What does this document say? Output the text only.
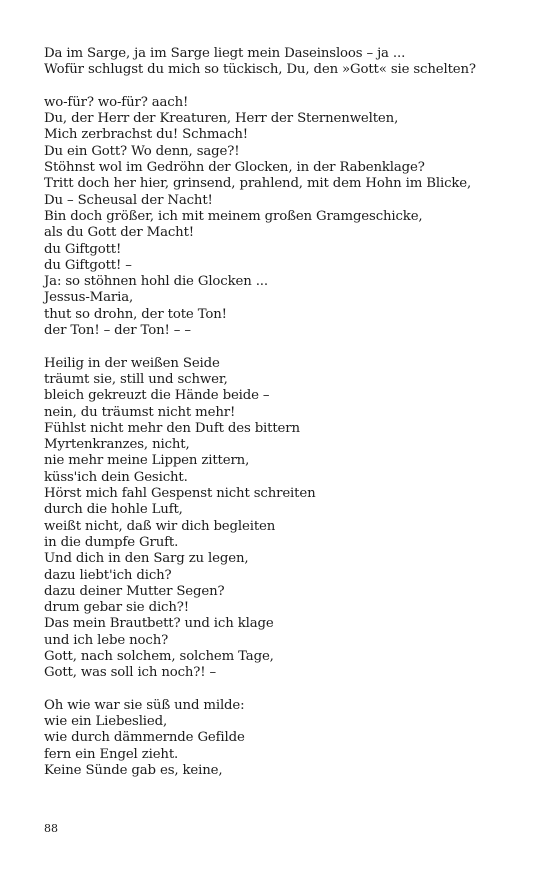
Da im Sarge, ja im Sarge liegt mein Daseinsloos – ja ...
Wofür schlugst du mich so tückisch, Du, den »Gott« sie schelten?
wo-für? wo-für? aach!
Du, der Herr der Kreaturen, Herr der Sternenwelten,
Mich zerbrachst du! Schmach!
Du ein Gott? Wo denn, sage?!
Stöhnst wol im Gedröhn der Glocken, in der Rabenklage?
Tritt doch her hier, grinsend, prahlend, mit dem Hohn im Blicke,
Du – Scheusal der Nacht!
Bin doch größer, ich mit meinem großen Gramgeschicke,
als du Gott der Macht!
du Giftgott!
du Giftgott! –
Ja: so stöhnen hohl die Glocken ...
Jessus-Maria,
thut so drohn, der tote Ton!
der Ton! – der Ton! – –
Heilig in der weißen Seide
träumt sie, still und schwer,
bleich gekreuzt die Hände beide –
nein, du träumst nicht mehr!
Fühlst nicht mehr den Duft des bittern
Myrtenkranzes, nicht,
nie mehr meine Lippen zittern,
küss'ich dein Gesicht.
Hörst mich fahl Gespenst nicht schreiten
durch die hohle Luft,
weißt nicht, daß wir dich begleiten
in die dumpfe Gruft.
Und dich in den Sarg zu legen,
dazu liebt'ich dich?
dazu deiner Mutter Segen?
drum gebar sie dich?!
Das mein Brautbett? und ich klage
und ich lebe noch?
Gott, nach solchem, solchem Tage,
Gott, was soll ich noch?! –
Oh wie war sie süß und milde:
wie ein Liebeslied,
wie durch dämmernde Gefilde
fern ein Engel zieht.
Keine Sünde gab es, keine,
88
